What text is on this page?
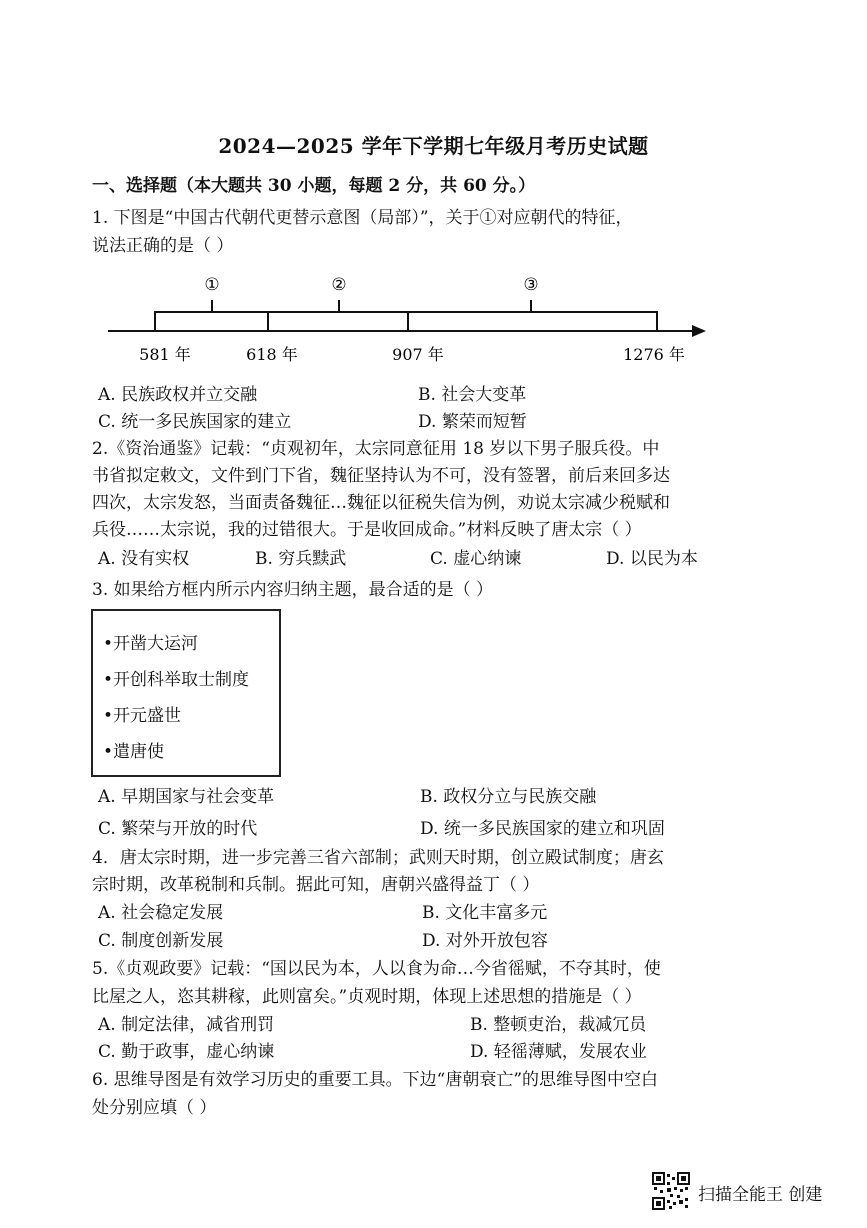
2024—2025 学年下学期七年级月考历史试题
一、选择题（本大题共 30 小题，每题 2 分，共 60 分。）
1. 下图是“中国古代朝代更替示意图（局部）”，关于①对应朝代的特征，
说法正确的是（ ）
①	②	③
581 年	618 年	907 年	1276 年
A. 民族政权并立交融	B. 社会大变革
C. 统一多民族国家的建立	D. 繁荣而短暂
2.《资治通鉴》记载：“贞观初年，太宗同意征用 18 岁以下男子服兵役。中
书省拟定敕文，文件到门下省，魏征坚持认为不可，没有签署，前后来回多达
四次，太宗发怒，当面责备魏征…魏征以征税失信为例，劝说太宗减少税赋和
兵役……太宗说，我的过错很大。于是收回成命。”材料反映了唐太宗（ ）
A. 没有实权	B. 穷兵黩武	C. 虚心纳谏	D. 以民为本
3. 如果给方框内所示内容归纳主题，最合适的是（ ）
•开凿大运河
•开创科举取士制度
•开元盛世
•遣唐使
A. 早期国家与社会变革	B. 政权分立与民族交融
C. 繁荣与开放的时代	D. 统一多民族国家的建立和巩固
4．唐太宗时期，进一步完善三省六部制；武则天时期，创立殿试制度；唐玄
宗时期，改革税制和兵制。据此可知，唐朝兴盛得益丁（ ）
A. 社会稳定发展	B. 文化丰富多元
C. 制度创新发展	D. 对外开放包容
5.《贞观政要》记载：“国以民为本，人以食为命…今省徭赋，不夺其时，使
比屋之人，恣其耕稼，此则富矣。”贞观时期，体现上述思想的措施是（ ）
A. 制定法律，减省刑罚	B. 整顿吏治，裁减冗员
C. 勤于政事，虚心纳谏	D. 轻徭薄赋，发展农业
6. 思维导图是有效学习历史的重要工具。下边“唐朝衰亡”的思维导图中空白
处分别应填（ ）
扫描全能王 创建
